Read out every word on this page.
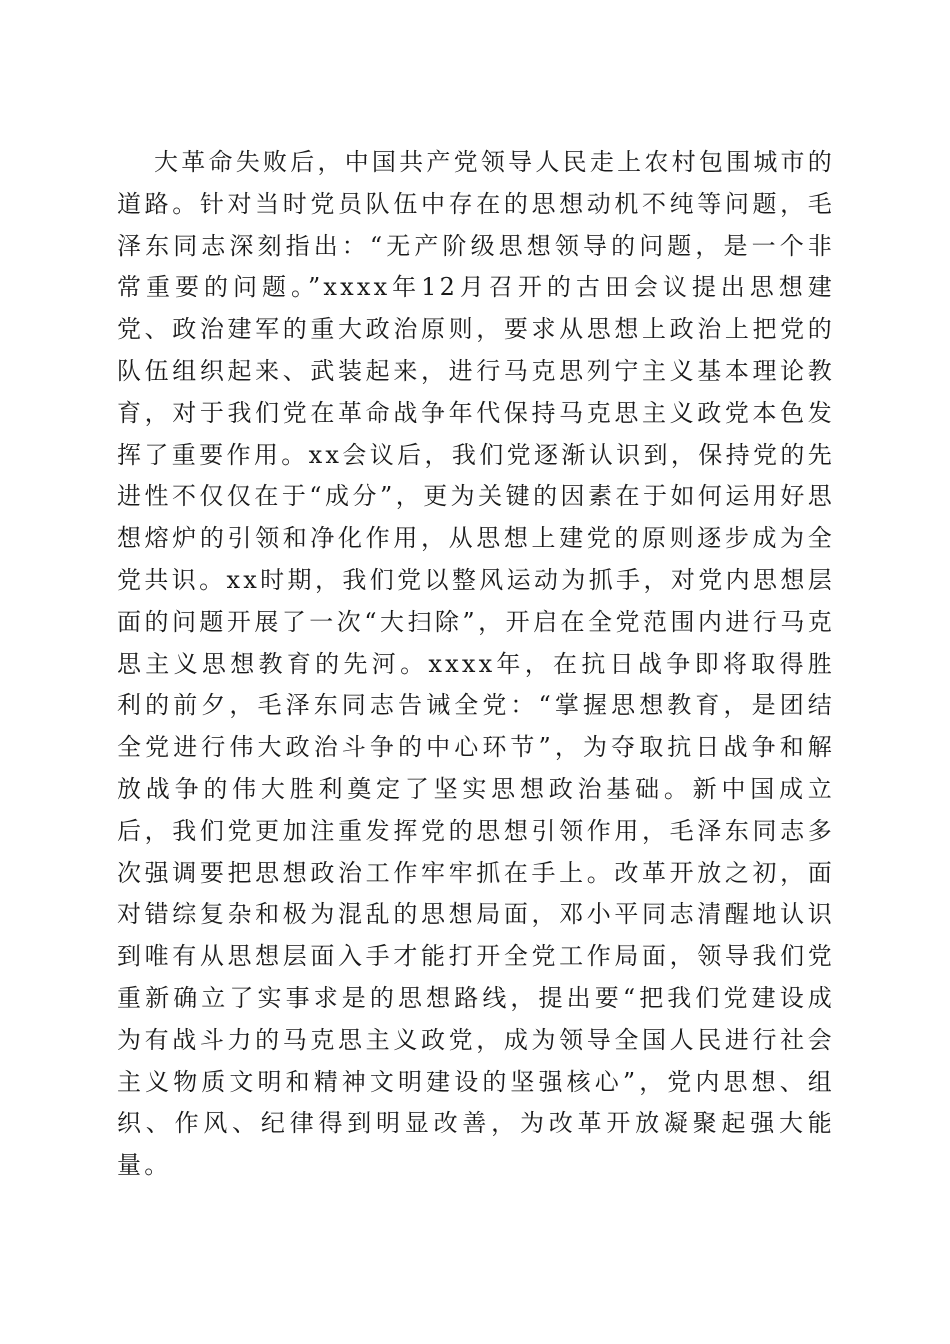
大革命失败后，中国共产党领导人民走上农村包围城市的道路。针对当时党员队伍中存在的思想动机不纯等问题，毛泽东同志深刻指出：“无产阶级思想领导的问题，是一个非常重要的问题。”xxxx年12月召开的古田会议提出思想建党、政治建军的重大政治原则，要求从思想上政治上把党的队伍组织起来、武装起来，进行马克思列宁主义基本理论教育，对于我们党在革命战争年代保持马克思主义政党本色发挥了重要作用。xx会议后，我们党逐渐认识到，保持党的先进性不仅仅在于“成分”，更为关键的因素在于如何运用好思想熔炉的引领和净化作用，从思想上建党的原则逐步成为全党共识。xx时期，我们党以整风运动为抓手，对党内思想层面的问题开展了一次“大扫除”，开启在全党范围内进行马克思主义思想教育的先河。xxxx年，在抗日战争即将取得胜利的前夕，毛泽东同志告诫全党：“掌握思想教育，是团结全党进行伟大政治斗争的中心环节”，为夺取抗日战争和解放战争的伟大胜利奠定了坚实思想政治基础。新中国成立后，我们党更加注重发挥党的思想引领作用，毛泽东同志多次强调要把思想政治工作牢牢抓在手上。改革开放之初，面对错综复杂和极为混乱的思想局面，邓小平同志清醒地认识到唯有从思想层面入手才能打开全党工作局面，领导我们党重新确立了实事求是的思想路线，提出要“把我们党建设成为有战斗力的马克思主义政党，成为领导全国人民进行社会主义物质文明和精神文明建设的坚强核心”，党内思想、组织、作风、纪律得到明显改善，为改革开放凝聚起强大能量。
